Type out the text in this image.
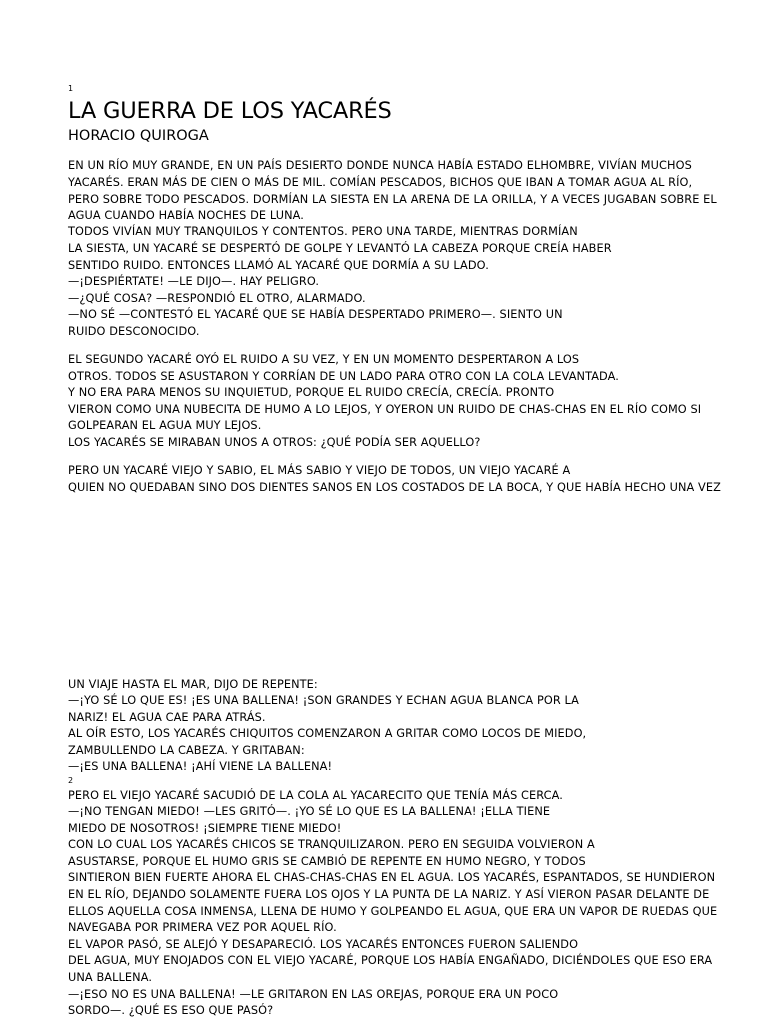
1
LA GUERRA DE LOS YACARÉS
HORACIO QUIROGA
EN UN RÍO MUY GRANDE, EN UN PAÍS DESIERTO DONDE NUNCA HABÍA ESTADO ELHOMBRE, VIVÍAN MUCHOS
YACARÉS. ERAN MÁS DE CIEN O MÁS DE MIL. COMÍAN PESCADOS, BICHOS QUE IBAN A TOMAR AGUA AL RÍO,
PERO SOBRE TODO PESCADOS. DORMÍAN LA SIESTA EN LA ARENA DE LA ORILLA, Y A VECES JUGABAN SOBRE EL
AGUA CUANDO HABÍA NOCHES DE LUNA.
TODOS VIVÍAN MUY TRANQUILOS Y CONTENTOS. PERO UNA TARDE, MIENTRAS DORMÍAN
LA SIESTA, UN YACARÉ SE DESPERTÓ DE GOLPE Y LEVANTÓ LA CABEZA PORQUE CREÍA HABER
SENTIDO RUIDO. ENTONCES LLAMÓ AL YACARÉ QUE DORMÍA A SU LADO.
—¡DESPIÉRTATE! —LE DIJO—. HAY PELIGRO.
—¿QUÉ COSA? —RESPONDIÓ EL OTRO, ALARMADO.
—NO SÉ —CONTESTÓ EL YACARÉ QUE SE HABÍA DESPERTADO PRIMERO—. SIENTO UN
RUIDO DESCONOCIDO.
EL SEGUNDO YACARÉ OYÓ EL RUIDO A SU VEZ, Y EN UN MOMENTO DESPERTARON A LOS
OTROS. TODOS SE ASUSTARON Y CORRÍAN DE UN LADO PARA OTRO CON LA COLA LEVANTADA.
Y NO ERA PARA MENOS SU INQUIETUD, PORQUE EL RUIDO CRECÍA, CRECÍA. PRONTO
VIERON COMO UNA NUBECITA DE HUMO A LO LEJOS, Y OYERON UN RUIDO DE CHAS-CHAS EN EL RÍO COMO SI
GOLPEARAN EL AGUA MUY LEJOS.
LOS YACARÉS SE MIRABAN UNOS A OTROS: ¿QUÉ PODÍA SER AQUELLO?
PERO UN YACARÉ VIEJO Y SABIO, EL MÁS SABIO Y VIEJO DE TODOS, UN VIEJO YACARÉ A
QUIEN NO QUEDABAN SINO DOS DIENTES SANOS EN LOS COSTADOS DE LA BOCA, Y QUE HABÍA HECHO UNA VEZ
UN VIAJE HASTA EL MAR, DIJO DE REPENTE:
—¡YO SÉ LO QUE ES! ¡ES UNA BALLENA! ¡SON GRANDES Y ECHAN AGUA BLANCA POR LA
NARIZ! EL AGUA CAE PARA ATRÁS.
AL OÍR ESTO, LOS YACARÉS CHIQUITOS COMENZARON A GRITAR COMO LOCOS DE MIEDO,
ZAMBULLENDO LA CABEZA. Y GRITABAN:
—¡ES UNA BALLENA! ¡AHÍ VIENE LA BALLENA!
2
PERO EL VIEJO YACARÉ SACUDIÓ DE LA COLA AL YACARECITO QUE TENÍA MÁS CERCA.
—¡NO TENGAN MIEDO! —LES GRITÓ—. ¡YO SÉ LO QUE ES LA BALLENA! ¡ELLA TIENE
MIEDO DE NOSOTROS! ¡SIEMPRE TIENE MIEDO!
CON LO CUAL LOS YACARÉS CHICOS SE TRANQUILIZARON. PERO EN SEGUIDA VOLVIERON A
ASUSTARSE, PORQUE EL HUMO GRIS SE CAMBIÓ DE REPENTE EN HUMO NEGRO, Y TODOS
SINTIERON BIEN FUERTE AHORA EL CHAS-CHAS-CHAS EN EL AGUA. LOS YACARÉS, ESPANTADOS, SE HUNDIERON
EN EL RÍO, DEJANDO SOLAMENTE FUERA LOS OJOS Y LA PUNTA DE LA NARIZ. Y ASÍ VIERON PASAR DELANTE DE
ELLOS AQUELLA COSA INMENSA, LLENA DE HUMO Y GOLPEANDO EL AGUA, QUE ERA UN VAPOR DE RUEDAS QUE
NAVEGABA POR PRIMERA VEZ POR AQUEL RÍO.
EL VAPOR PASÓ, SE ALEJÓ Y DESAPARECIÓ. LOS YACARÉS ENTONCES FUERON SALIENDO
DEL AGUA, MUY ENOJADOS CON EL VIEJO YACARÉ, PORQUE LOS HABÍA ENGAÑADO, DICIÉNDOLES QUE ESO ERA
UNA BALLENA.
—¡ESO NO ES UNA BALLENA! —LE GRITARON EN LAS OREJAS, PORQUE ERA UN POCO
SORDO—. ¿QUÉ ES ESO QUE PASÓ?
